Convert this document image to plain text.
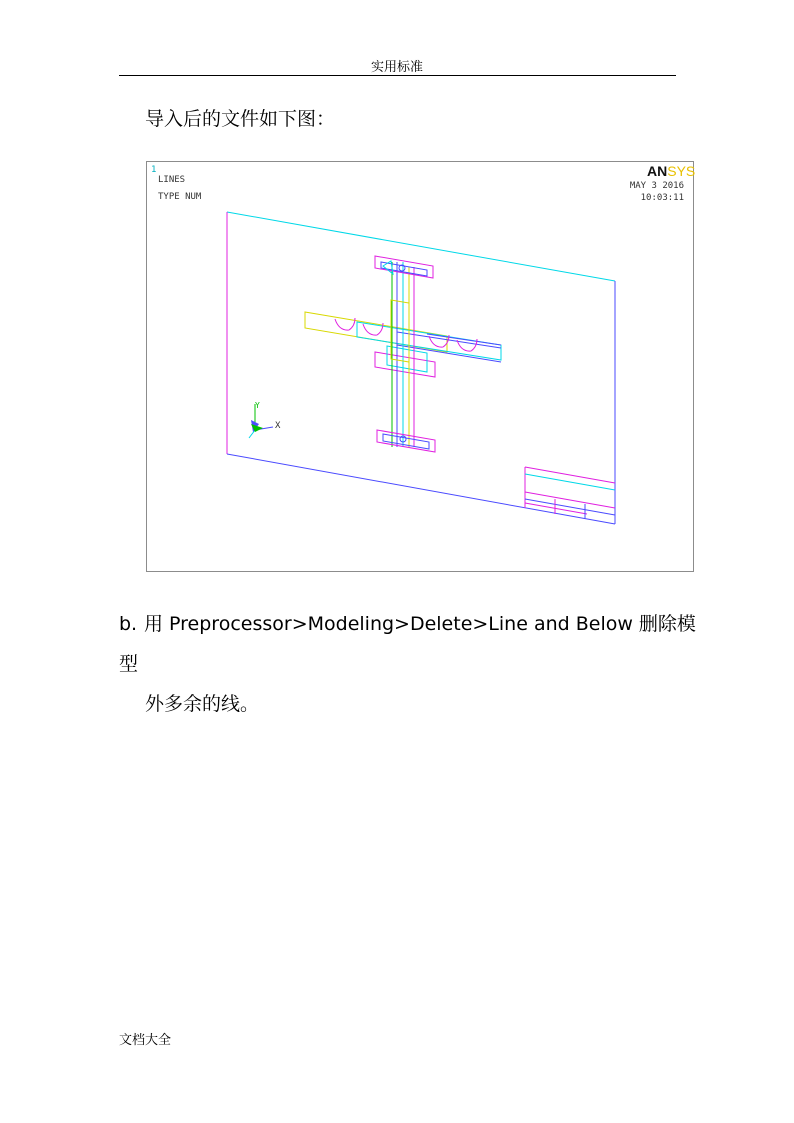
实用标准
导入后的文件如下图：
1
LINES
TYPE NUM
ANSYS
MAY 3 2016
10:03:11
Y
X
b. 用 Preprocessor>Modeling>Delete>Line and Below 删除模型
外多余的线。
文档大全
